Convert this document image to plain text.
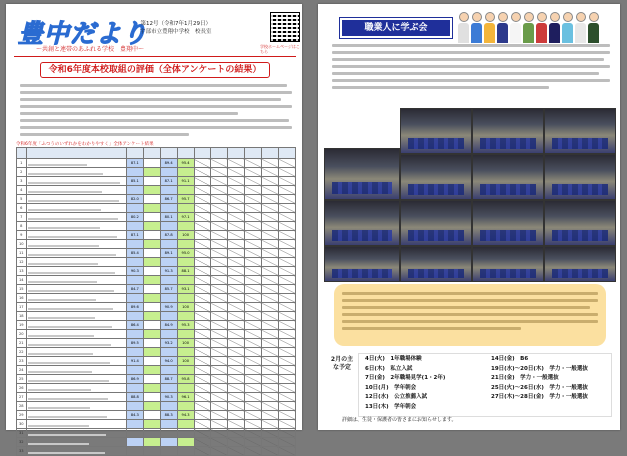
豊中だより
〜共創と連帯のあふれる学校　豊翔中〜
第12号（令和7年1月29日）
宇部市立豊翔中学校　校長室
学校ホームページはこちら
令和6年度本校取組の評価（全体アンケートの結果）
令和6年度「ふつうのいずれかをわかりやすく」全体アンケート結果

1		87.1		89.4	95.4						
2	

3		85.1		87.1	91.1						
4	

5		82.0		86.7	95.7						
6	

7		80.2		80.1	97.1						
8	

9		87.1		87.8	100						
10	

11		85.4		89.1	95.0						
12	

13		90.3		91.3	88.1						
14	

15		84.7		85.7	93.1						
16	

17		89.6		90.9	100						
18	

19		86.4		84.9	95.3						
20	

21		89.5		93.2	100						
22	

23		91.4		94.0	100						
24	

25		86.9		88.7	95.8						
26	

27		88.8		90.3	96.1						
28	

29		84.3		88.3	94.3						
30	

31	

32	

33	

職業人に学ぶ会
2月の主な予定
4日(火)　1年職場体験
6日(木)　私立入試
7日(金)　2年職場見学(1・2年)
10日(月)　学年朝会
12日(水)　公立推薦入試
13日(木)　学年朝会
14日(金)　B6
19日(水)〜20日(木)　学力・一般選抜
21日(金)　学力・一般選抜
25日(火)〜26日(水)　学力・一般選抜
27日(木)〜28日(金)　学力・一般選抜
詳細は、生徒・保護者の皆さまにお知らせします。
